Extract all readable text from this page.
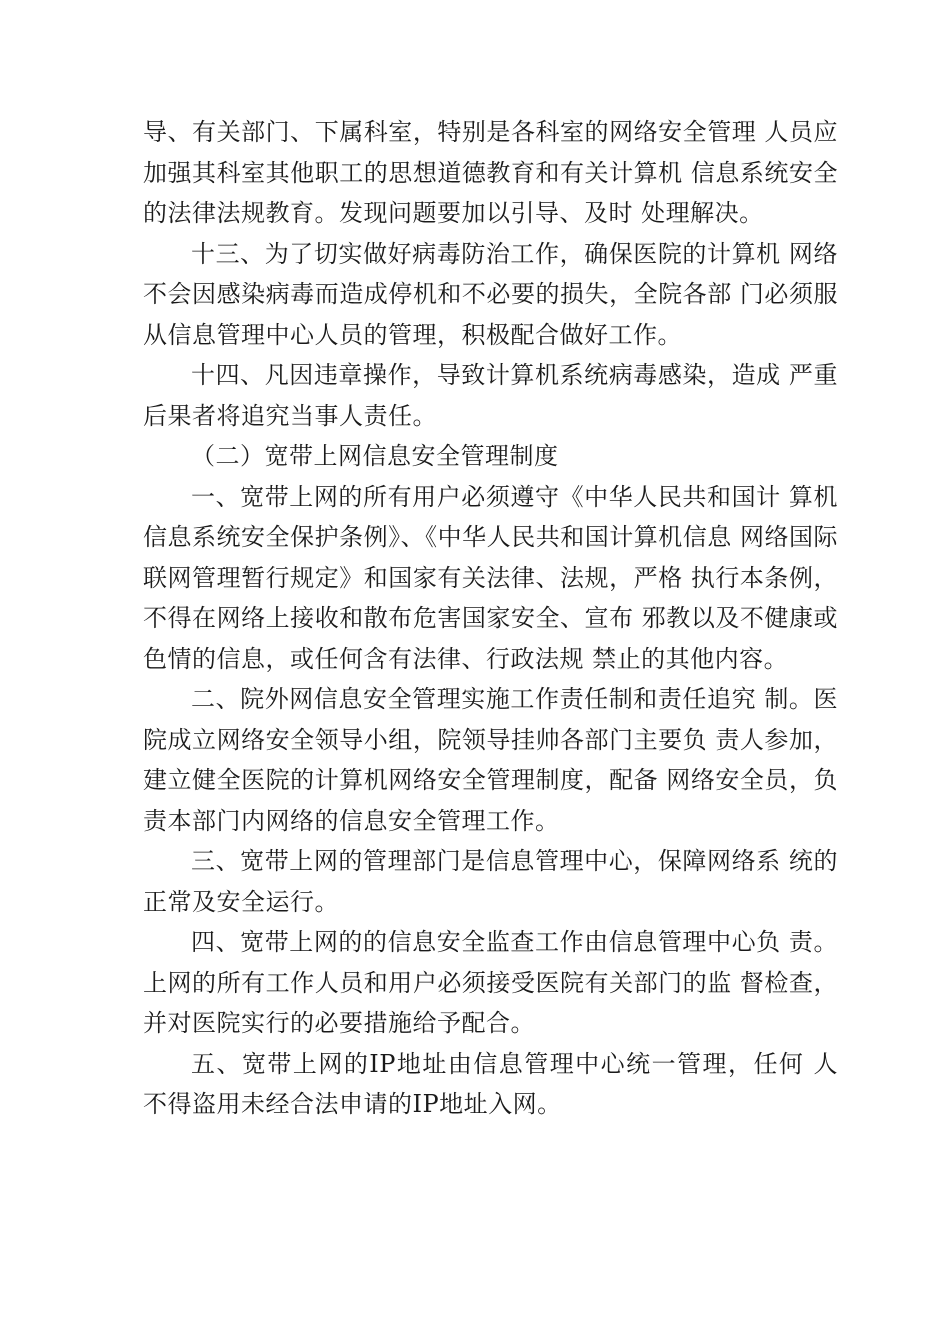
导、有关部门、下属科室，特别是各科室的网络安全管理 人员应加强其科室其他职工的思想道德教育和有关计算机 信息系统安全的法律法规教育。发现问题要加以引导、及时 处理解决。

十三、为了切实做好病毒防治工作，确保医院的计算机 网络不会因感染病毒而造成停机和不必要的损失，全院各部 门必须服从信息管理中心人员的管理，积极配合做好工作。

十四、凡因违章操作，导致计算机系统病毒感染，造成 严重后果者将追究当事人责任。

（二）宽带上网信息安全管理制度

一、宽带上网的所有用户必须遵守《中华人民共和国计 算机信息系统安全保护条例》、《中华人民共和国计算机信息 网络国际联网管理暂行规定》和国家有关法律、法规，严格 执行本条例，不得在网络上接收和散布危害国家安全、宣布 邪教以及不健康或色情的信息，或任何含有法律、行政法规 禁止的其他内容。

二、院外网信息安全管理实施工作责任制和责任追究 制。医院成立网络安全领导小组，院领导挂帅各部门主要负 责人参加，建立健全医院的计算机网络安全管理制度，配备 网络安全员，负责本部门内网络的信息安全管理工作。

三、宽带上网的管理部门是信息管理中心，保障网络系 统的正常及安全运行。

四、宽带上网的的信息安全监查工作由信息管理中心负 责。上网的所有工作人员和用户必须接受医院有关部门的监 督检查，并对医院实行的必要措施给予配合。

五、宽带上网的IP地址由信息管理中心统一管理，任何 人不得盗用未经合法申请的IP地址入网。
